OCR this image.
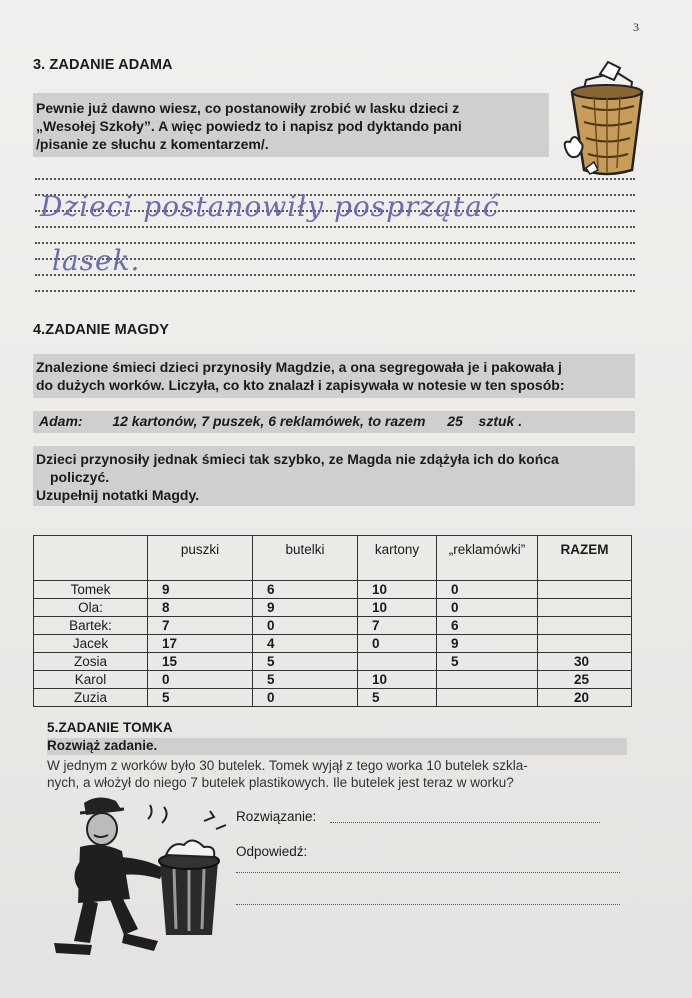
3
3. ZADANIE ADAMA
Pewnie już dawno wiesz, co postanowiły zrobić w lasku dzieci z
„Wesołej Szkoły”. A więc powiedz to i napisz pod dyktando pani
/pisanie ze słuchu z komentarzem/.
Dzieci postanowiły posprzątać
lasek.
4.ZADANIE MAGDY
Znalezione śmieci dzieci przynosiły Magdzie, a ona segregowała je i pakowała j
do dużych worków. Liczyła, co kto znalazł i zapisywała w notesie w ten sposób:
Adam: 12 kartonów, 7 puszek, 6 reklamówek, to razem 25 sztuk .
Dzieci przynosiły jednak śmieci tak szybko, ze Magda nie zdążyła ich do końca
policzyć.
Uzupełnij notatki Magdy.
	puszki	butelki	kartony	„reklamówki”	RAZEM
Tomek	9	6	10	0	
Ola:	8	9	10	0	
Bartek:	7	0	7	6	
Jacek	17	4	0	9	
Zosia	15	5		5	30
Karol	0	5	10		25
Zuzia	5	0	5		20
5.ZADANIE TOMKA
Rozwiąż zadanie.
W jednym z worków było 30 butelek. Tomek wyjął z tego worka 10 butelek szkla-
nych, a włożył do niego 7 butelek plastikowych. Ile butelek jest teraz w worku?
Rozwiązanie:
Odpowiedź:
